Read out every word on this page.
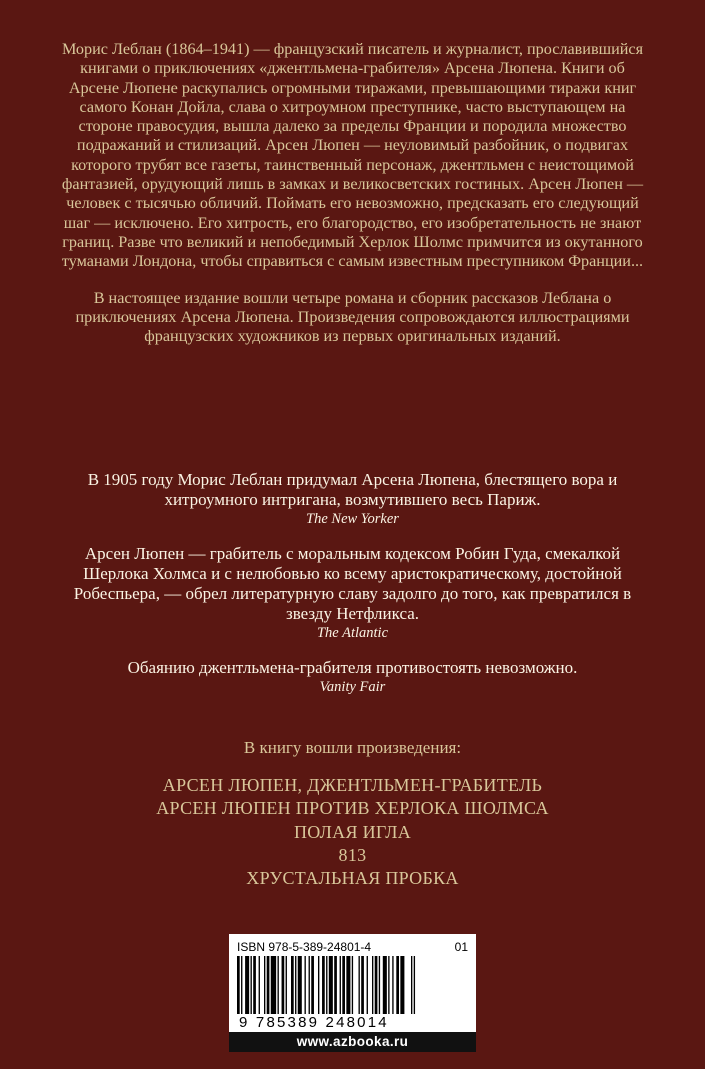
Морис Леблан (1864–1941) — французский писатель и журналист, прославившийся книгами о приключениях «джентльмена-грабителя» Арсена Люпена. Книги об Арсене Люпене раскупались огромными тиражами, превышающими тиражи книг самого Конан Дойла, слава о хитроумном преступнике, часто выступающем на стороне правосудия, вышла далеко за пределы Франции и породила множество подражаний и стилизаций. Арсен Люпен — неуловимый разбойник, о подвигах которого трубят все газеты, таинственный персонаж, джентльмен с неистощимой фантазией, орудующий лишь в замках и великосветских гостиных. Арсен Люпен — человек с тысячью обличий. Поймать его невозможно, предсказать его следующий шаг — исключено. Его хитрость, его благородство, его изобретательность не знают границ. Разве что великий и непобедимый Херлок Шолмс примчится из окутанного туманами Лондона, чтобы справиться с самым известным преступником Франции...

В настоящее издание вошли четыре романа и сборник рассказов Леблана о приключениях Арсена Люпена. Произведения сопровождаются иллюстрациями французских художников из первых оригинальных изданий.

В 1905 году Морис Леблан придумал Арсена Люпена, блестящего вора и хитроумного интригана, возмутившего весь Париж.
The New Yorker
Арсен Люпен — грабитель с моральным кодексом Робин Гуда, смекалкой Шерлока Холмса и с нелюбовью ко всему аристократическому, достойной Робеспьера, — обрел литературную славу задолго до того, как превратился в звезду Нетфликса.
The Atlantic
Обаянию джентльмена-грабителя противостоять невозможно.
Vanity Fair
В книгу вошли произведения:
АРСЕН ЛЮПЕН, ДЖЕНТЛЬМЕН-ГРАБИТЕЛЬ
АРСЕН ЛЮПЕН ПРОТИВ ХЕРЛОКА ШОЛМСА
ПОЛАЯ ИГЛА
813
ХРУСТАЛЬНАЯ ПРОБКА
ISBN 978-5-389-24801-4	01
9 785389 248014
www.azbooka.ru
